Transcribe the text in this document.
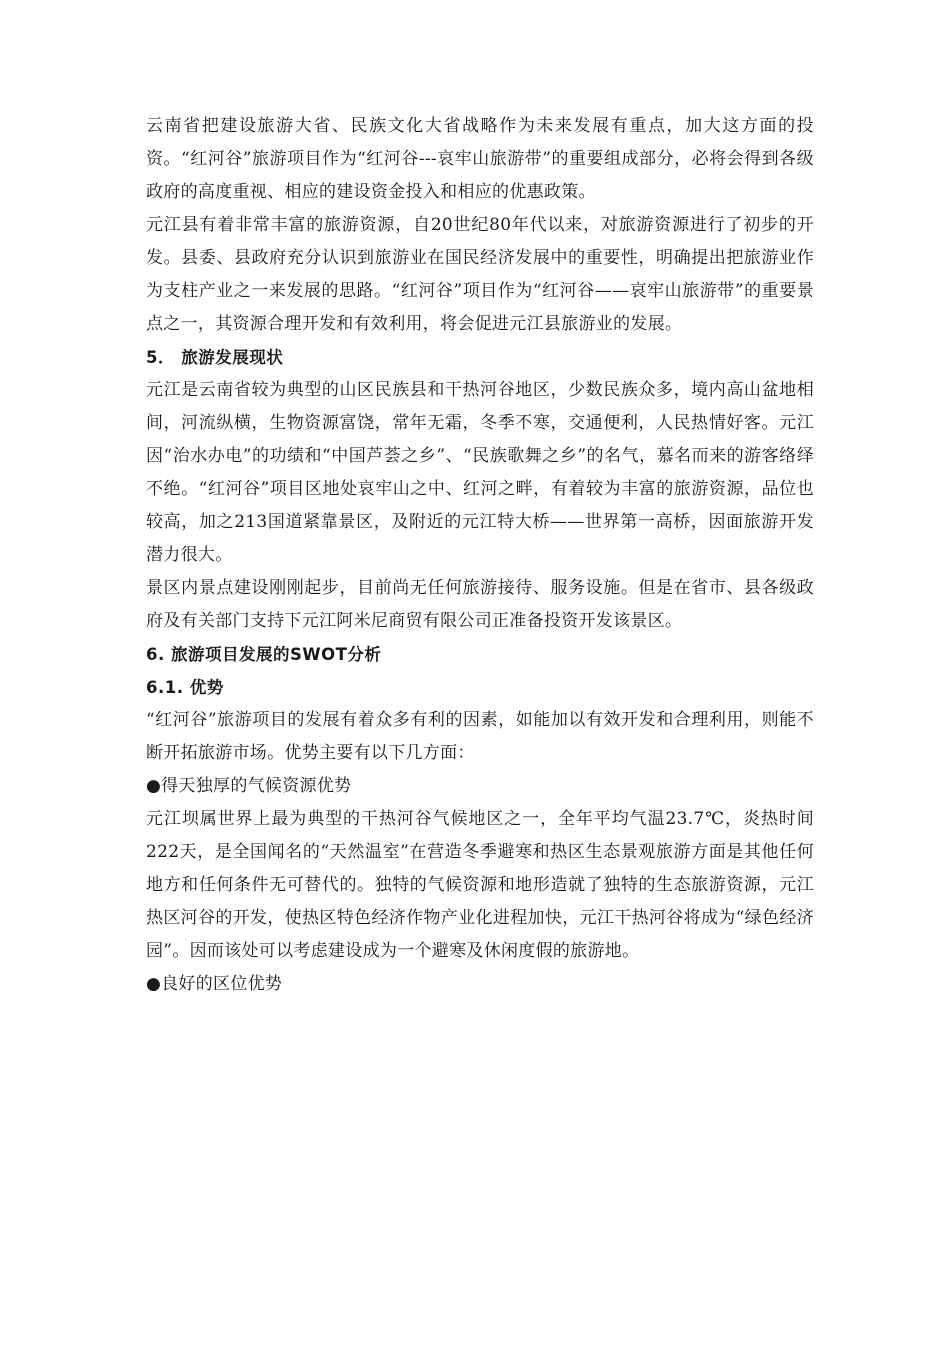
云南省把建设旅游大省、民族文化大省战略作为未来发展有重点，加大这方面的投资。“红河谷”旅游项目作为“红河谷---哀牢山旅游带”的重要组成部分，必将会得到各级政府的高度重视、相应的建设资金投入和相应的优惠政策。

元江县有着非常丰富的旅游资源，自20世纪80年代以来，对旅游资源进行了初步的开发。县委、县政府充分认识到旅游业在国民经济发展中的重要性，明确提出把旅游业作为支柱产业之一来发展的思路。“红河谷”项目作为“红河谷——哀牢山旅游带”的重要景点之一，其资源合理开发和有效利用，将会促进元江县旅游业的发展。

5． 旅游发展现状

元江是云南省较为典型的山区民族县和干热河谷地区，少数民族众多，境内高山盆地相间，河流纵横，生物资源富饶，常年无霜，冬季不寒，交通便利，人民热情好客。元江因“治水办电”的功绩和“中国芦荟之乡”、“民族歌舞之乡”的名气，慕名而来的游客络绎不绝。“红河谷”项目区地处哀牢山之中、红河之畔，有着较为丰富的旅游资源，品位也较高，加之213国道紧靠景区，及附近的元江特大桥——世界第一高桥，因面旅游开发潜力很大。

景区内景点建设刚刚起步，目前尚无任何旅游接待、服务设施。但是在省市、县各级政府及有关部门支持下元江阿米尼商贸有限公司正准备投资开发该景区。

6. 旅游项目发展的SWOT分析

6.1. 优势

“红河谷”旅游项目的发展有着众多有利的因素，如能加以有效开发和合理利用，则能不断开拓旅游市场。优势主要有以下几方面：

●得天独厚的气候资源优势

元江坝属世界上最为典型的干热河谷气候地区之一，全年平均气温23.7℃，炎热时间222天，是全国闻名的“天然温室”在营造冬季避寒和热区生态景观旅游方面是其他任何地方和任何条件无可替代的。独特的气候资源和地形造就了独特的生态旅游资源，元江热区河谷的开发，使热区特色经济作物产业化进程加快，元江干热河谷将成为“绿色经济园”。因而该处可以考虑建设成为一个避寒及休闲度假的旅游地。

●良好的区位优势
